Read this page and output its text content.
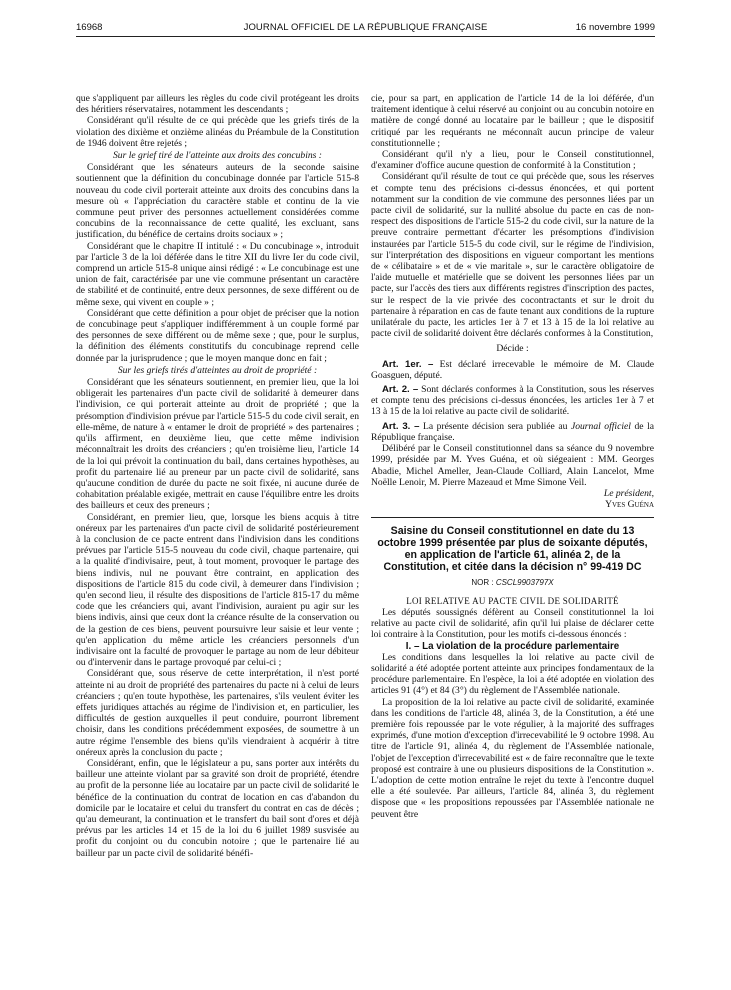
16968	JOURNAL OFFICIEL DE LA RÉPUBLIQUE FRANÇAISE	16 novembre 1999

que s'appliquent par ailleurs les règles du code civil protégeant les droits des héritiers réservataires, notamment les descendants ;

Considérant qu'il résulte de ce qui précède que les griefs tirés de la violation des dixième et onzième alinéas du Préambule de la Constitution de 1946 doivent être rejetés ;

Sur le grief tiré de l'atteinte aux droits des concubins :

Considérant que les sénateurs auteurs de la seconde saisine soutiennent que la définition du concubinage donnée par l'article 515-8 nouveau du code civil porterait atteinte aux droits des concubins dans la mesure où « l'appréciation du caractère stable et continu de la vie commune peut priver des personnes actuellement considérées comme concubins de la reconnaissance de cette qualité, les excluant, sans justification, du bénéfice de certains droits sociaux » ;

Considérant que le chapitre II intitulé : « Du concubinage », introduit par l'article 3 de la loi déférée dans le titre XII du livre Ier du code civil, comprend un article 515-8 unique ainsi rédigé : « Le concubinage est une union de fait, caractérisée par une vie commune présentant un caractère de stabilité et de continuité, entre deux personnes, de sexe différent ou de même sexe, qui vivent en couple » ;

Considérant que cette définition a pour objet de préciser que la notion de concubinage peut s'appliquer indifféremment à un couple formé par des personnes de sexe différent ou de même sexe ; que, pour le surplus, la définition des éléments constitutifs du concubinage reprend celle donnée par la jurisprudence ; que le moyen manque donc en fait ;

Sur les griefs tirés d'atteintes au droit de propriété :

Considérant que les sénateurs soutiennent, en premier lieu, que la loi obligerait les partenaires d'un pacte civil de solidarité à demeurer dans l'indivision, ce qui porterait atteinte au droit de propriété ; que la présomption d'indivision prévue par l'article 515-5 du code civil serait, en elle-même, de nature à « entamer le droit de propriété » des partenaires ; qu'ils affirment, en deuxième lieu, que cette même indivision méconnaîtrait les droits des créanciers ; qu'en troisième lieu, l'article 14 de la loi qui prévoit la continuation du bail, dans certaines hypothèses, au profit du partenaire lié au preneur par un pacte civil de solidarité, sans qu'aucune condition de durée du pacte ne soit fixée, ni aucune durée de cohabitation préalable exigée, mettrait en cause l'équilibre entre les droits des bailleurs et ceux des preneurs ;

Considérant, en premier lieu, que, lorsque les biens acquis à titre onéreux par les partenaires d'un pacte civil de solidarité postérieurement à la conclusion de ce pacte entrent dans l'indivision dans les conditions prévues par l'article 515-5 nouveau du code civil, chaque partenaire, qui a la qualité d'indivisaire, peut, à tout moment, provoquer le partage des biens indivis, nul ne pouvant être contraint, en application des dispositions de l'article 815 du code civil, à demeurer dans l'indivision ; qu'en second lieu, il résulte des dispositions de l'article 815-17 du même code que les créanciers qui, avant l'indivision, auraient pu agir sur les biens indivis, ainsi que ceux dont la créance résulte de la conservation ou de la gestion de ces biens, peuvent poursuivre leur saisie et leur vente ; qu'en application du même article les créanciers personnels d'un indivisaire ont la faculté de provoquer le partage au nom de leur débiteur ou d'intervenir dans le partage provoqué par celui-ci ;

Considérant que, sous réserve de cette interprétation, il n'est porté atteinte ni au droit de propriété des partenaires du pacte ni à celui de leurs créanciers ; qu'en toute hypothèse, les partenaires, s'ils veulent éviter les effets juridiques attachés au régime de l'indivision et, en particulier, les difficultés de gestion auxquelles il peut conduire, pourront librement choisir, dans les conditions précédemment exposées, de soumettre à un autre régime l'ensemble des biens qu'ils viendraient à acquérir à titre onéreux après la conclusion du pacte ;

Considérant, enfin, que le législateur a pu, sans porter aux intérêts du bailleur une atteinte violant par sa gravité son droit de propriété, étendre au profit de la personne liée au locataire par un pacte civil de solidarité le bénéfice de la continuation du contrat de location en cas d'abandon du domicile par le locataire et celui du transfert du contrat en cas de décès ; qu'au demeurant, la continuation et le transfert du bail sont d'ores et déjà prévus par les articles 14 et 15 de la loi du 6 juillet 1989 susvisée au profit du conjoint ou du concubin notoire ; que le partenaire lié au bailleur par un pacte civil de solidarité bénéfi-

cie, pour sa part, en application de l'article 14 de la loi déférée, d'un traitement identique à celui réservé au conjoint ou au concubin notoire en matière de congé donné au locataire par le bailleur ; que le dispositif critiqué par les requérants ne méconnaît aucun principe de valeur constitutionnelle ;

Considérant qu'il n'y a lieu, pour le Conseil constitutionnel, d'examiner d'office aucune question de conformité à la Constitution ;

Considérant qu'il résulte de tout ce qui précède que, sous les réserves et compte tenu des précisions ci-dessus énoncées, et qui portent notamment sur la condition de vie commune des personnes liées par un pacte civil de solidarité, sur la nullité absolue du pacte en cas de non-respect des dispositions de l'article 515-2 du code civil, sur la nature de la preuve contraire permettant d'écarter les présomptions d'indivision instaurées par l'article 515-5 du code civil, sur le régime de l'indivision, sur l'interprétation des dispositions en vigueur comportant les mentions de « célibataire » et de « vie maritale », sur le caractère obligatoire de l'aide mutuelle et matérielle que se doivent les personnes liées par un pacte, sur l'accès des tiers aux différents registres d'inscription des pactes, sur le respect de la vie privée des cocontractants et sur le droit du partenaire à réparation en cas de faute tenant aux conditions de la rupture unilatérale du pacte, les articles 1er à 7 et 13 à 15 de la loi relative au pacte civil de solidarité doivent être déclarés conformes à la Constitution,

Décide :

Art. 1er. – Est déclaré irrecevable le mémoire de M. Claude Goasguen, député.

Art. 2. – Sont déclarés conformes à la Constitution, sous les réserves et compte tenu des précisions ci-dessus énoncées, les articles 1er à 7 et 13 à 15 de la loi relative au pacte civil de solidarité.

Art. 3. – La présente décision sera publiée au Journal officiel de la République française.

Délibéré par le Conseil constitutionnel dans sa séance du 9 novembre 1999, présidée par M. Yves Guéna, et où siégeaient : MM. Georges Abadie, Michel Ameller, Jean-Claude Colliard, Alain Lancelot, Mme Noëlle Lenoir, M. Pierre Mazeaud et Mme Simone Veil.

Le président,

Yves Guéna

Saisine du Conseil constitutionnel en date du 13 octobre 1999 présentée par plus de soixante députés, en application de l'article 61, alinéa 2, de la Constitution, et citée dans la décision n° 99-419 DC
NOR : CSCL9903797X

LOI RELATIVE AU PACTE CIVIL DE SOLIDARITÉ

Les députés soussignés défèrent au Conseil constitutionnel la loi relative au pacte civil de solidarité, afin qu'il lui plaise de déclarer cette loi contraire à la Constitution, pour les motifs ci-dessous énoncés :

I. – La violation de la procédure parlementaire

Les conditions dans lesquelles la loi relative au pacte civil de solidarité a été adoptée portent atteinte aux principes fondamentaux de la procédure parlementaire. En l'espèce, la loi a été adoptée en violation des articles 91 (4°) et 84 (3°) du règlement de l'Assemblée nationale.

La proposition de la loi relative au pacte civil de solidarité, examinée dans les conditions de l'article 48, alinéa 3, de la Constitution, a été une première fois repoussée par le vote régulier, à la majorité des suffrages exprimés, d'une motion d'exception d'irrecevabilité le 9 octobre 1998. Au titre de l'article 91, alinéa 4, du règlement de l'Assemblée nationale, l'objet de l'exception d'irrecevabilité est « de faire reconnaître que le texte proposé est contraire à une ou plusieurs dispositions de la Constitution ». L'adoption de cette motion entraîne le rejet du texte à l'encontre duquel elle a été soulevée. Par ailleurs, l'article 84, alinéa 3, du règlement dispose que « les propositions repoussées par l'Assemblée nationale ne peuvent être
